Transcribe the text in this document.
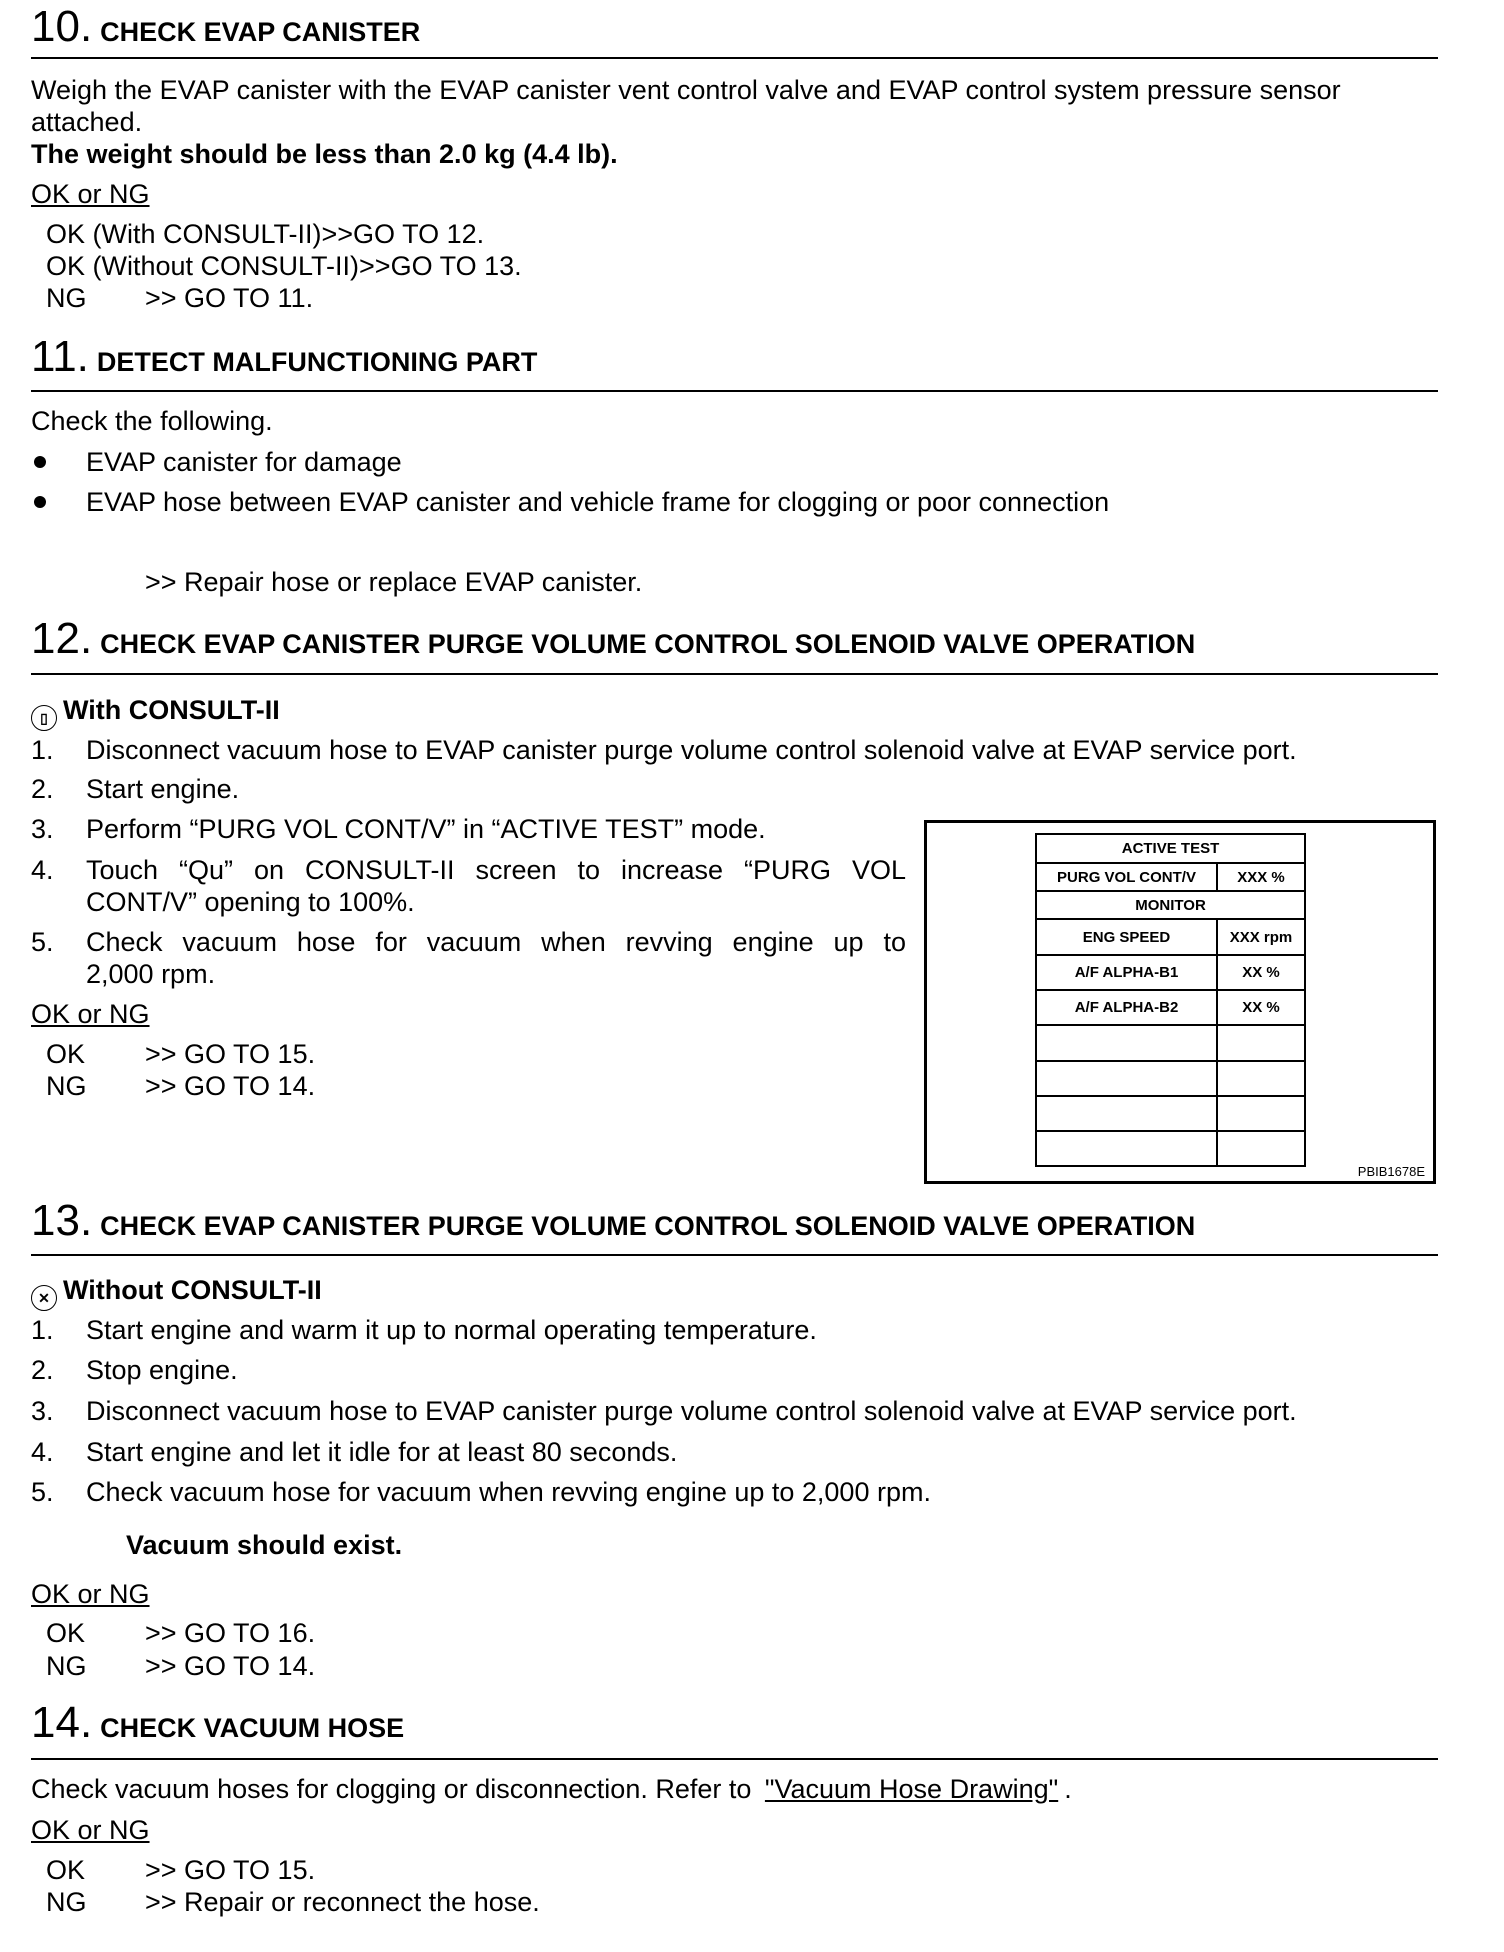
10. CHECK EVAP CANISTER
Weigh the EVAP canister with the EVAP canister vent control valve and EVAP control system pressure sensor
attached.
The weight should be less than 2.0 kg (4.4 lb).
OK or NG
OK (With CONSULT-II)>>GO TO 12.
OK (Without CONSULT-II)>>GO TO 13.
NG >> GO TO 11.
11. DETECT MALFUNCTIONING PART
Check the following.
EVAP canister for damage
EVAP hose between EVAP canister and vehicle frame for clogging or poor connection
>> Repair hose or replace EVAP canister.
12. CHECK EVAP CANISTER PURGE VOLUME CONTROL SOLENOID VALVE OPERATION
▯ With CONSULT-II
1. Disconnect vacuum hose to EVAP canister purge volume control solenoid valve at EVAP service port.
2. Start engine.
3. Perform “PURG VOL CONT/V” in “ACTIVE TEST” mode.
4. Touch “Qu” on CONSULT-II screen to increase “PURG VOL
CONT/V” opening to 100%.
5. Check vacuum hose for vacuum when revving engine up to
2,000 rpm.
OK or NG
OK >> GO TO 15.
NG >> GO TO 14.
ACTIVE TEST	
PURG VOL CONT/V	XXX %
MONITOR	
ENG SPEED	XXX rpm
A/F ALPHA-B1	XX %
A/F ALPHA-B2	XX %

PBIB1678E
13. CHECK EVAP CANISTER PURGE VOLUME CONTROL SOLENOID VALVE OPERATION
✕ Without CONSULT-II
1. Start engine and warm it up to normal operating temperature.
2. Stop engine.
3. Disconnect vacuum hose to EVAP canister purge volume control solenoid valve at EVAP service port.
4. Start engine and let it idle for at least 80 seconds.
5. Check vacuum hose for vacuum when revving engine up to 2,000 rpm.
Vacuum should exist.
OK or NG
OK >> GO TO 16.
NG >> GO TO 14.
14. CHECK VACUUM HOSE
Check vacuum hoses for clogging or disconnection. Refer to "Vacuum Hose Drawing" .
OK or NG
OK >> GO TO 15.
NG >> Repair or reconnect the hose.
